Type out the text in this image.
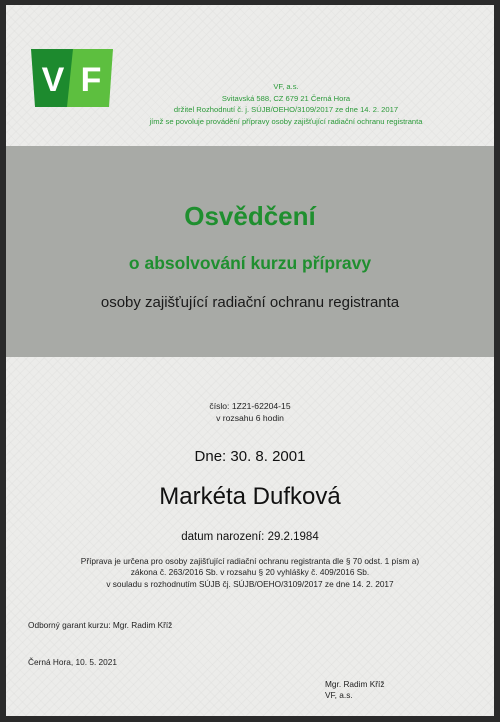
V F	VF, a.s.
Svitavská 588, CZ 679 21 Černá Hora
držitel Rozhodnutí č. j. SÚJB/OEHO/3109/2017 ze dne 14. 2. 2017
jímž se povoluje provádění přípravy osoby zajišťující radiační ochranu registranta
Osvědčení
o absolvování kurzu přípravy
osoby zajišťující radiační ochranu registranta
číslo: 1Z21-62204-15
v rozsahu 6 hodin
Dne: 30. 8. 2001
Markéta Dufková
datum narození: 29.2.1984
Příprava je určena pro osoby zajišťující radiační ochranu registranta dle § 70 odst. 1 písm a)
zákona č. 263/2016 Sb. v rozsahu § 20 vyhlášky č. 409/2016 Sb.
v souladu s rozhodnutím SÚJB čj. SÚJB/OEHO/3109/2017 ze dne 14. 2. 2017
Odborný garant kurzu: Mgr. Radim Kříž
Černá Hora, 10. 5. 2021
Mgr. Radim Kříž
VF, a.s.
